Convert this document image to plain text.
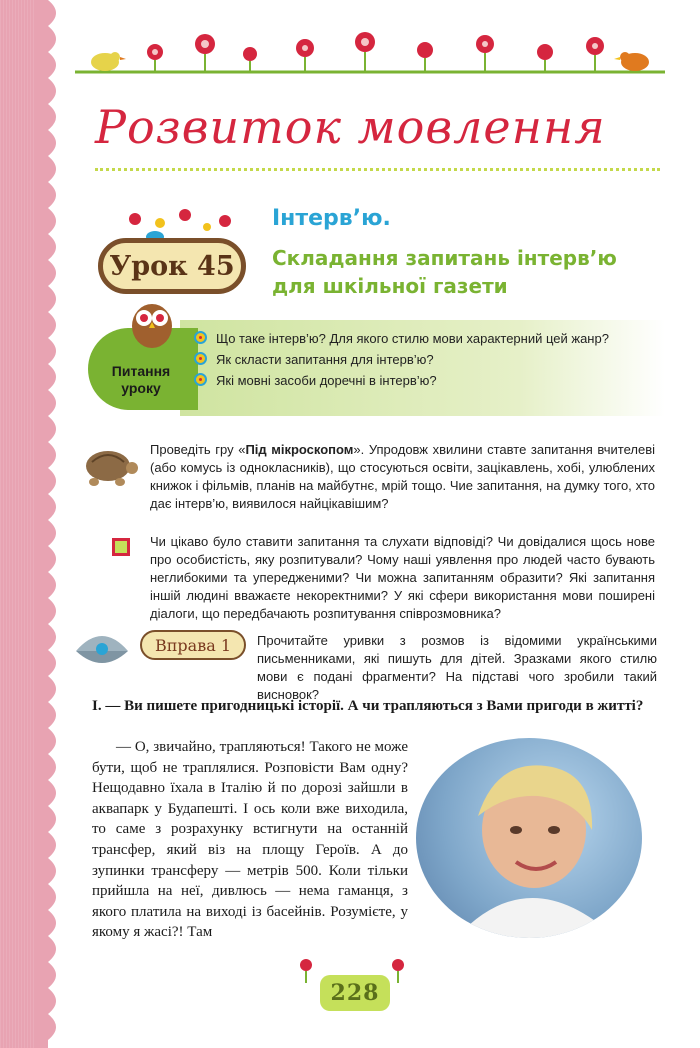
Розвиток мовлення
Урок 45
Інтерв’ю.
Складання запитань інтерв’ю для шкільної газети
Питання уроку
Що таке інтерв’ю? Для якого стилю мови характерний цей жанр?
Як скласти запитання для інтерв’ю?
Які мовні засоби доречні в інтерв’ю?
Проведіть гру «Під мікроскопом». Упродовж хвилини ставте запитання вчителеві (або комусь із однокласників), що стосуються освіти, зацікавлень, хобі, улюблених книжок і фільмів, планів на майбутнє, мрій тощо. Чие запитання, на думку того, хто дає інтерв’ю, виявилося найцікавішим?
Чи цікаво було ставити запитання та слухати відповіді? Чи довідалися щось нове про особистість, яку розпитували? Чому наші уявлення про людей часто бувають неглибокими та упередженими? Чи можна запитанням образити? Які запитання іншій людині вважаєте некоректними? У які сфери використання мови поширені діалоги, що передбачають розпитування співрозмовника?
Вправа 1	Прочитайте уривки з розмов із відомими українськими письменниками, які пишуть для дітей. Зразками якого стилю мови є подані фрагменти? На підставі чого зробили такий висновок?
І. — Ви пишете пригодницькі історії. А чи трапляються з Вами пригоди в житті?

— О, звичайно, трапляються! Такого не може бути, щоб не траплялися. Розповісти Вам одну? Нещодавно їхала в Італію й по дорозі зайшли в аквапарк у Будапешті. І ось коли вже виходила, то саме з розрахунку встигнути на останній трансфер, який віз на площу Героїв. А до зупинки трансферу — метрів 500. Коли тільки прийшла на неї, дивлюсь — нема гаманця, з якого платила на виході із басейнів. Розумієте, у якому я жасі?! Там

228
